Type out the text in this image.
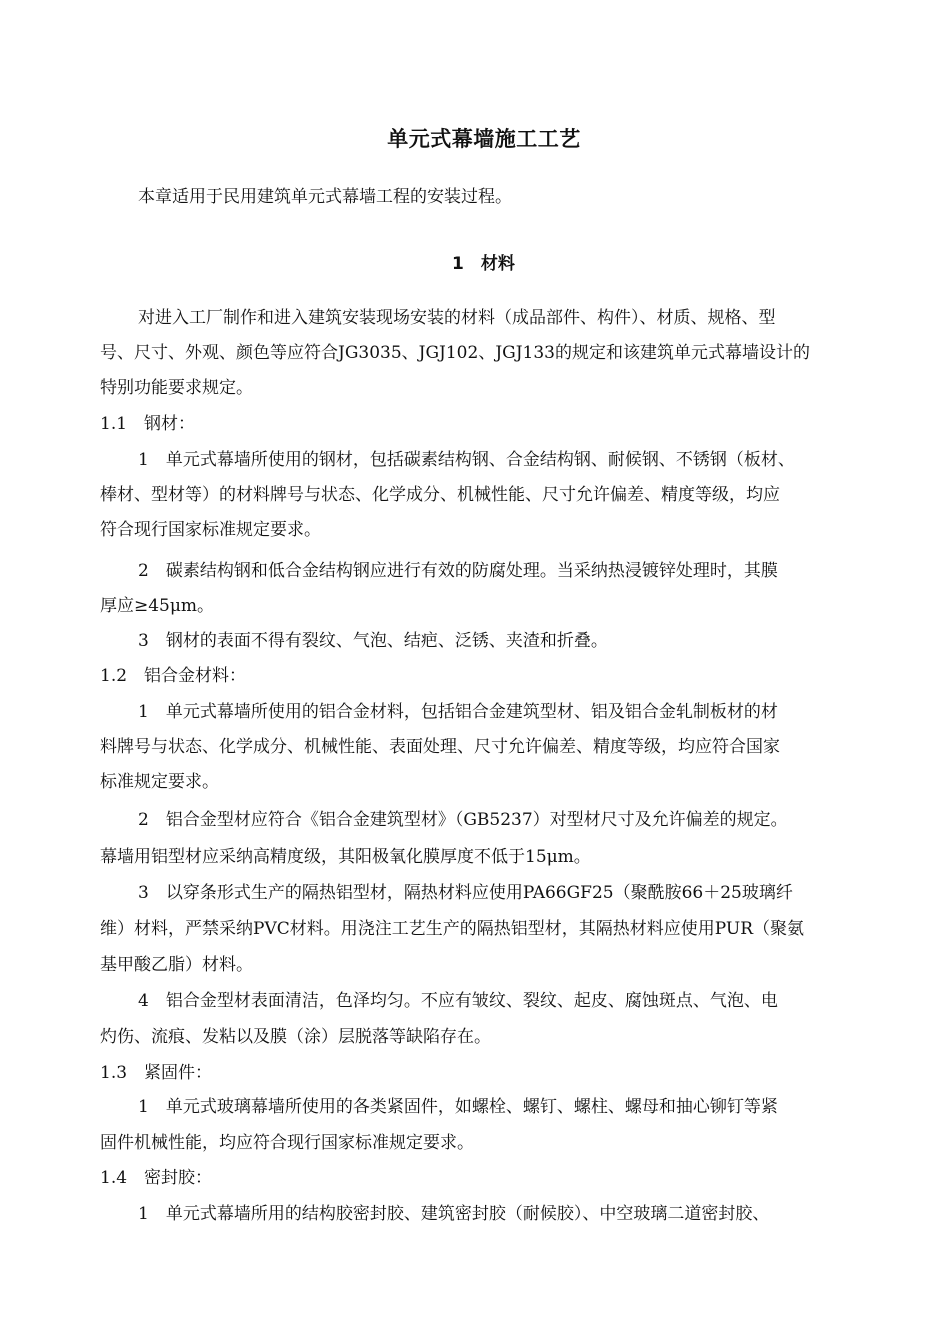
单元式幕墙施工工艺
本章适用于民用建筑单元式幕墙工程的安装过程。
1　材料
对进入工厂制作和进入建筑安装现场安装的材料（成品部件、构件）、材质、规格、型
号、尺寸、外观、颜色等应符合JG3035、JGJ102、JGJ133的规定和该建筑单元式幕墙设计的
特别功能要求规定。
1.1　钢材：
1　单元式幕墙所使用的钢材，包括碳素结构钢、合金结构钢、耐候钢、不锈钢（板材、
棒材、型材等）的材料牌号与状态、化学成分、机械性能、尺寸允许偏差、精度等级，均应
符合现行国家标准规定要求。
2　碳素结构钢和低合金结构钢应进行有效的防腐处理。当采纳热浸镀锌处理时，其膜
厚应≥45μm。
3　钢材的表面不得有裂纹、气泡、结疤、泛锈、夹渣和折叠。
1.2　铝合金材料：
1　单元式幕墙所使用的铝合金材料，包括铝合金建筑型材、铝及铝合金轧制板材的材
料牌号与状态、化学成分、机械性能、表面处理、尺寸允许偏差、精度等级，均应符合国家
标准规定要求。
2　铝合金型材应符合《铝合金建筑型材》（GB5237）对型材尺寸及允许偏差的规定。
幕墙用铝型材应采纳高精度级，其阳极氧化膜厚度不低于15μm。
3　以穿条形式生产的隔热铝型材，隔热材料应使用PA66GF25（聚酰胺66＋25玻璃纤
维）材料，严禁采纳PVC材料。用浇注工艺生产的隔热铝型材，其隔热材料应使用PUR（聚氨
基甲酸乙脂）材料。
4　铝合金型材表面清洁，色泽均匀。不应有皱纹、裂纹、起皮、腐蚀斑点、气泡、电
灼伤、流痕、发粘以及膜（涂）层脱落等缺陷存在。
1.3　紧固件：
1　单元式玻璃幕墙所使用的各类紧固件，如螺栓、螺钉、螺柱、螺母和抽心铆钉等紧
固件机械性能，均应符合现行国家标准规定要求。
1.4　密封胶：
1　单元式幕墙所用的结构胶密封胶、建筑密封胶（耐候胶）、中空玻璃二道密封胶、
